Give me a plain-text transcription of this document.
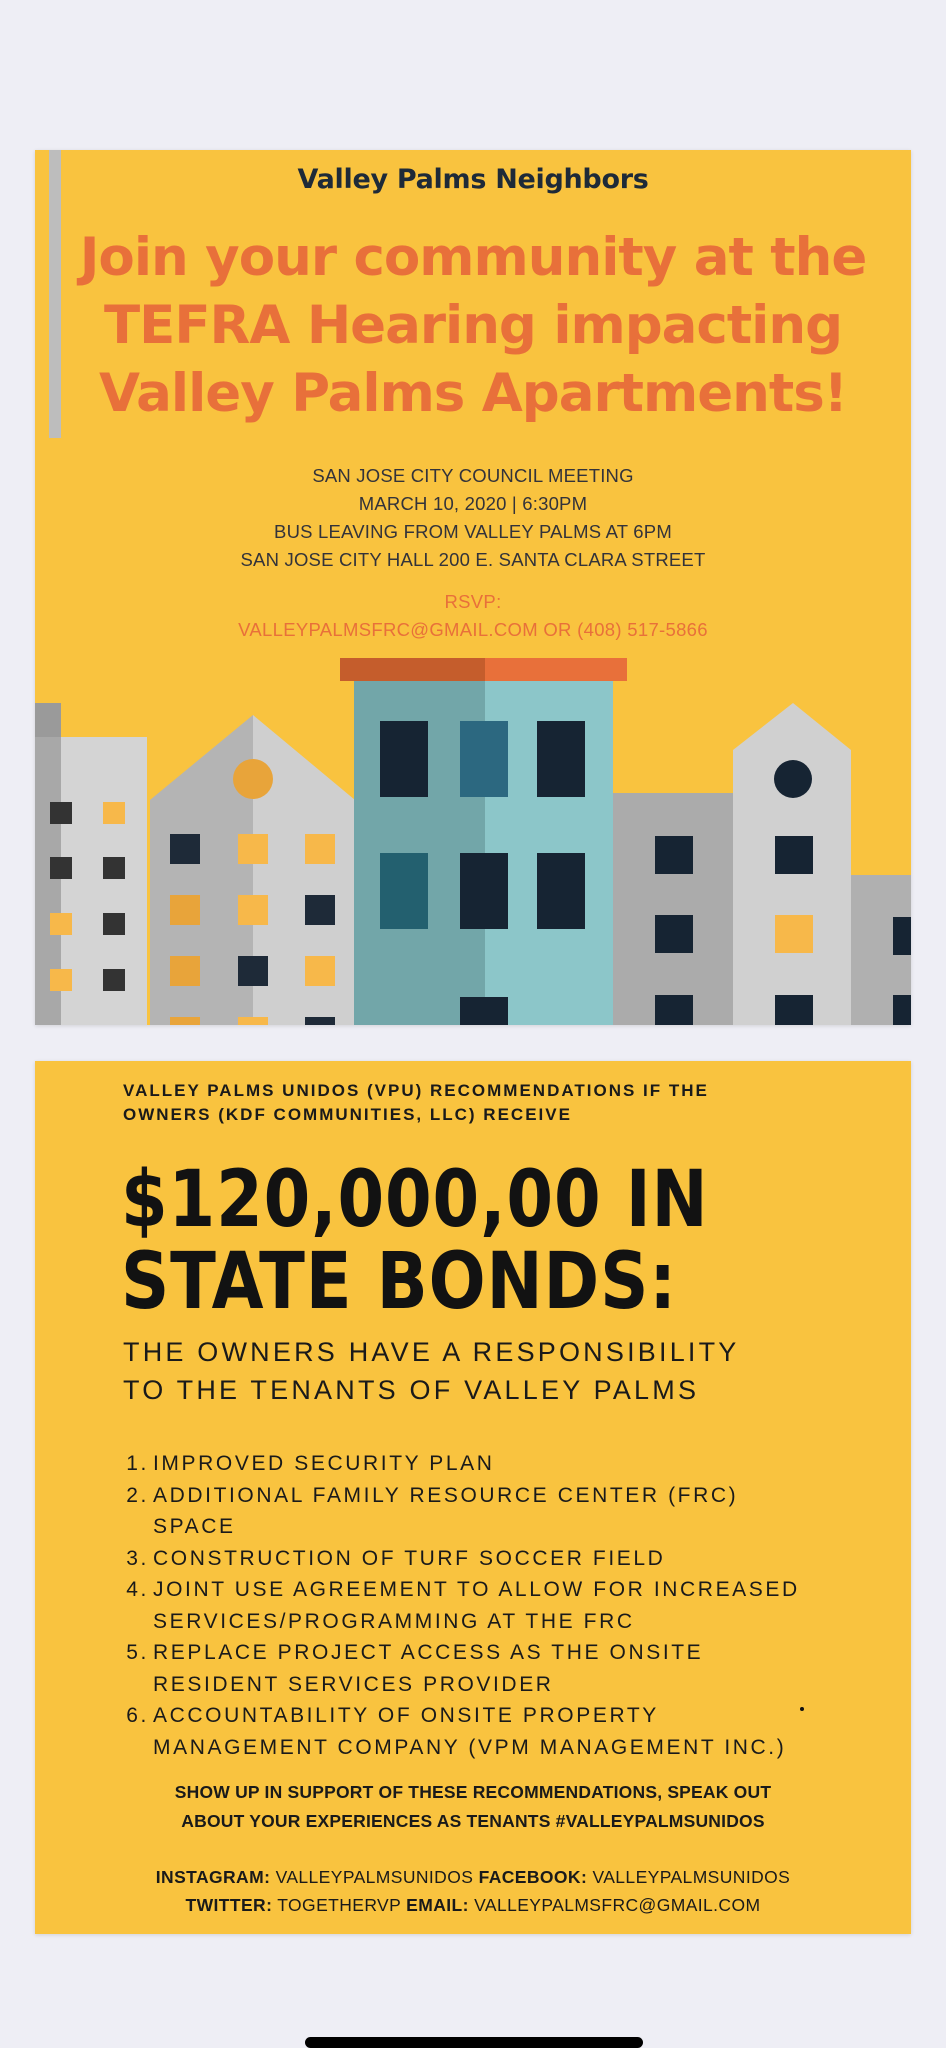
Valley Palms Neighbors
Join your community at the
TEFRA Hearing impacting
Valley Palms Apartments!
SAN JOSE CITY COUNCIL MEETING
MARCH 10, 2020 | 6:30PM
BUS LEAVING FROM VALLEY PALMS AT 6PM
SAN JOSE CITY HALL 200 E. SANTA CLARA STREET
RSVP:
VALLEYPALMSFRC@GMAIL.COM OR (408) 517-5866
VALLEY PALMS UNIDOS (VPU) RECOMMENDATIONS IF THE
OWNERS (KDF COMMUNITIES, LLC) RECEIVE
$120,000,00 IN
STATE BONDS:
THE OWNERS HAVE A RESPONSIBILITY
TO THE TENANTS OF VALLEY PALMS
1. IMPROVED SECURITY PLAN
2. ADDITIONAL FAMILY RESOURCE CENTER (FRC)
SPACE
3. CONSTRUCTION OF TURF SOCCER FIELD
4. JOINT USE AGREEMENT TO ALLOW FOR INCREASED
SERVICES/PROGRAMMING AT THE FRC
5. REPLACE PROJECT ACCESS AS THE ONSITE
RESIDENT SERVICES PROVIDER
6. ACCOUNTABILITY OF ONSITE PROPERTY
MANAGEMENT COMPANY (VPM MANAGEMENT INC.)
SHOW UP IN SUPPORT OF THESE RECOMMENDATIONS, SPEAK OUT
ABOUT YOUR EXPERIENCES AS TENANTS #VALLEYPALMSUNIDOS
INSTAGRAM: VALLEYPALMSUNIDOS FACEBOOK: VALLEYPALMSUNIDOS
TWITTER: TOGETHERVP EMAIL: VALLEYPALMSFRC@GMAIL.COM
